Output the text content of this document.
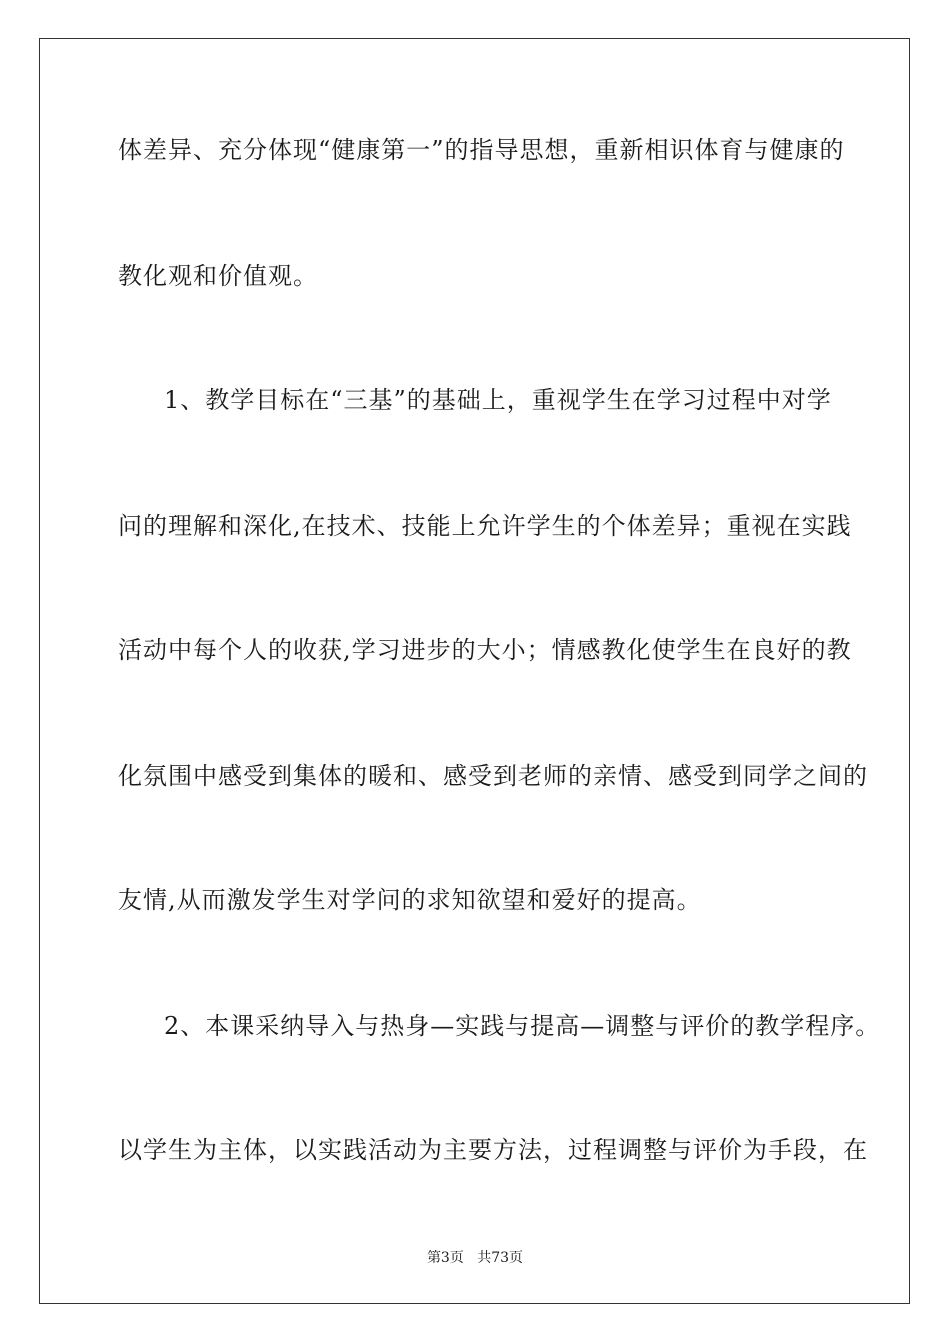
体差异、充分体现“健康第一”的指导思想，重新相识体育与健康的
教化观和价值观。
1、教学目标在“三基”的基础上，重视学生在学习过程中对学
问的理解和深化,在技术、技能上允许学生的个体差异；重视在实践
活动中每个人的收获,学习进步的大小；情感教化使学生在良好的教
化氛围中感受到集体的暖和、感受到老师的亲情、感受到同学之间的
友情,从而激发学生对学问的求知欲望和爱好的提高。
2、本课采纳导入与热身—实践与提高—调整与评价的教学程序。
以学生为主体，以实践活动为主要方法，过程调整与评价为手段，在
第3页 共73页
